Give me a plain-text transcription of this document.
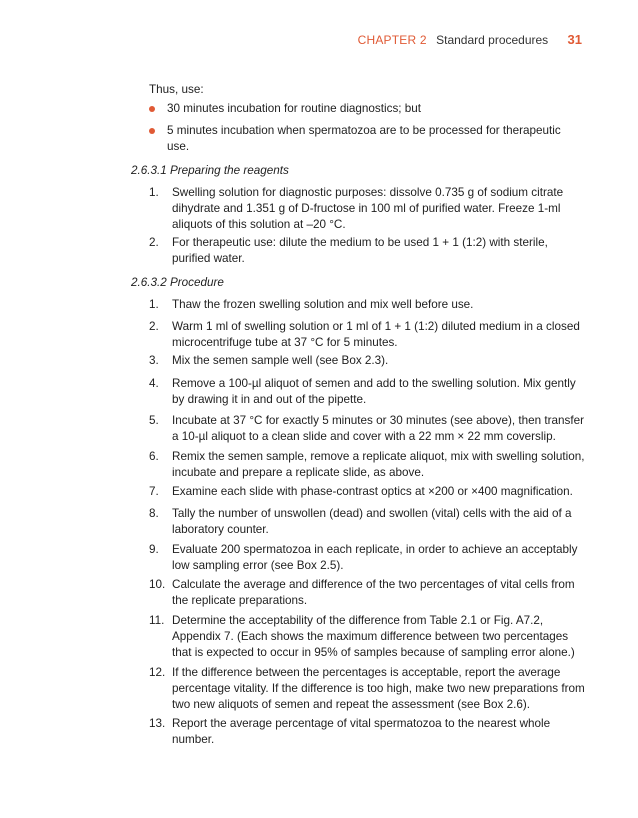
CHAPTER 2 Standard procedures 31
Thus, use:
30 minutes incubation for routine diagnostics; but
5 minutes incubation when spermatozoa are to be processed for therapeutic use.
2.6.3.1 Preparing the reagents
1. Swelling solution for diagnostic purposes: dissolve 0.735 g of sodium citrate dihydrate and 1.351 g of D-fructose in 100 ml of purified water. Freeze 1-ml aliquots of this solution at –20 °C.
2. For therapeutic use: dilute the medium to be used 1 + 1 (1:2) with sterile, purified water.
2.6.3.2 Procedure
1. Thaw the frozen swelling solution and mix well before use.
2. Warm 1 ml of swelling solution or 1 ml of 1 + 1 (1:2) diluted medium in a closed microcentrifuge tube at 37 °C for 5 minutes.
3. Mix the semen sample well (see Box 2.3).
4. Remove a 100-µl aliquot of semen and add to the swelling solution. Mix gently by drawing it in and out of the pipette.
5. Incubate at 37 °C for exactly 5 minutes or 30 minutes (see above), then transfer a 10-µl aliquot to a clean slide and cover with a 22 mm × 22 mm coverslip.
6. Remix the semen sample, remove a replicate aliquot, mix with swelling solution, incubate and prepare a replicate slide, as above.
7. Examine each slide with phase-contrast optics at ×200 or ×400 magnification.
8. Tally the number of unswollen (dead) and swollen (vital) cells with the aid of a laboratory counter.
9. Evaluate 200 spermatozoa in each replicate, in order to achieve an acceptably low sampling error (see Box 2.5).
10. Calculate the average and difference of the two percentages of vital cells from the replicate preparations.
11. Determine the acceptability of the difference from Table 2.1 or Fig. A7.2, Appendix 7. (Each shows the maximum difference between two percentages that is expected to occur in 95% of samples because of sampling error alone.)
12. If the difference between the percentages is acceptable, report the average percentage vitality. If the difference is too high, make two new preparations from two new aliquots of semen and repeat the assessment (see Box 2.6).
13. Report the average percentage of vital spermatozoa to the nearest whole number.
